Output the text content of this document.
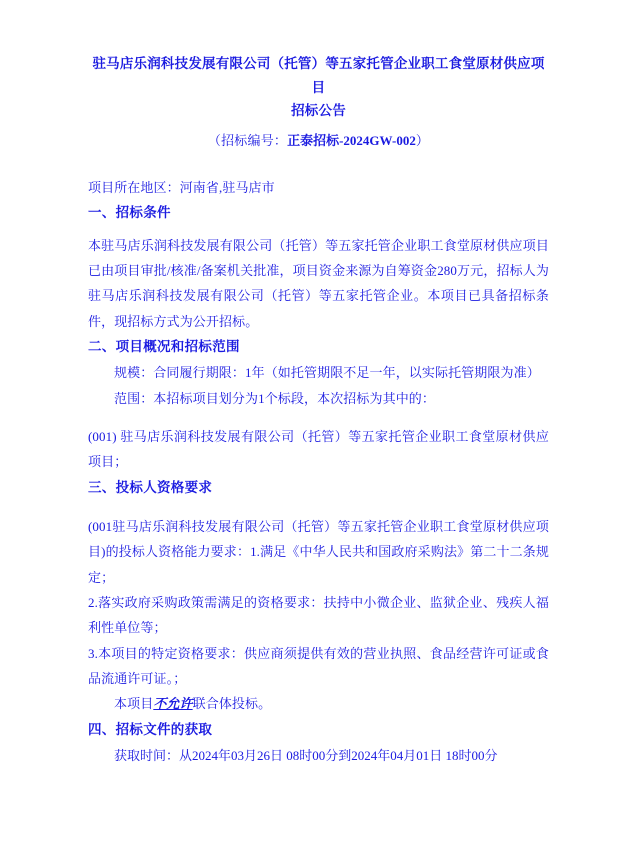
驻马店乐润科技发展有限公司（托管）等五家托管企业职工食堂原材供应项目
招标公告
（招标编号：正泰招标-2024GW-002）

项目所在地区：河南省,驻马店市

一、招标条件

本驻马店乐润科技发展有限公司（托管）等五家托管企业职工食堂原材供应项目已由项目审批/核准/备案机关批准，项目资金来源为自筹资金280万元，招标人为驻马店乐润科技发展有限公司（托管）等五家托管企业。本项目已具备招标条件，现招标方式为公开招标。

二、项目概况和招标范围

规模：合同履行期限：1年（如托管期限不足一年，以实际托管期限为准）

范围：本招标项目划分为1个标段，本次招标为其中的：

(001) 驻马店乐润科技发展有限公司（托管）等五家托管企业职工食堂原材供应项目；

三、投标人资格要求

(001驻马店乐润科技发展有限公司（托管）等五家托管企业职工食堂原材供应项目)的投标人资格能力要求：1.满足《中华人民共和国政府采购法》第二十二条规定；

2.落实政府采购政策需满足的资格要求：扶持中小微企业、监狱企业、残疾人福利性单位等；

3.本项目的特定资格要求：供应商须提供有效的营业执照、食品经营许可证或食品流通许可证。；

本项目不允许联合体投标。

四、招标文件的获取

获取时间：从2024年03月26日 08时00分到2024年04月01日 18时00分
